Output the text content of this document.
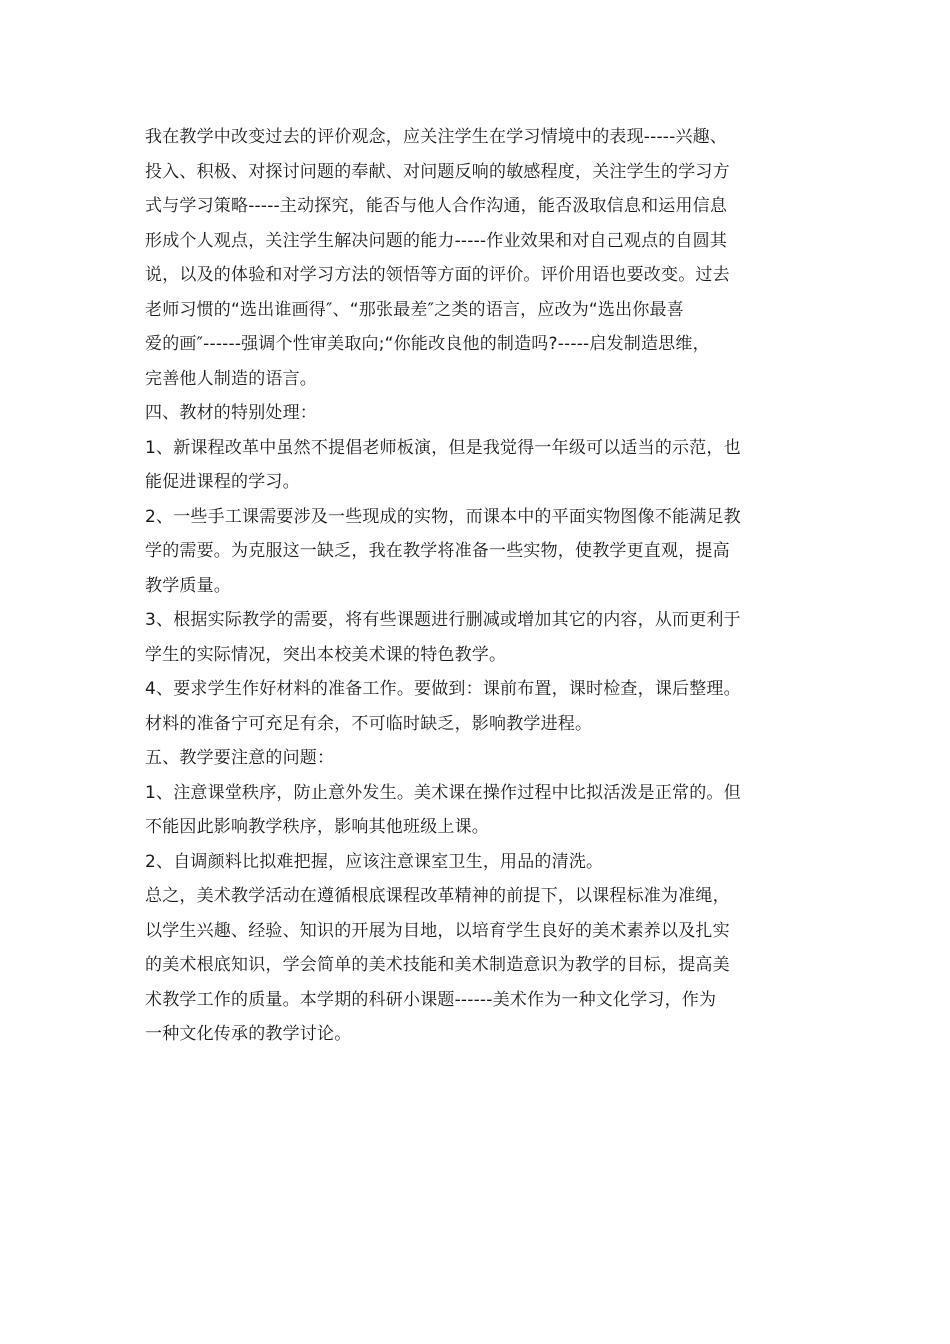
我在教学中改变过去的评价观念，应关注学生在学习情境中的表现-----兴趣、
投入、积极、对探讨问题的奉献、对问题反响的敏感程度，关注学生的学习方
式与学习策略-----主动探究，能否与他人合作沟通，能否汲取信息和运用信息
形成个人观点，关注学生解决问题的能力-----作业效果和对自己观点的自圆其
说，以及的体验和对学习方法的领悟等方面的评价。评价用语也要改变。过去
老师习惯的“选出谁画得″、“那张最差″之类的语言，应改为“选出你最喜
爱的画″------强调个性审美取向;“你能改良他的制造吗?-----启发制造思维，
完善他人制造的语言。
四、教材的特别处理：
1、新课程改革中虽然不提倡老师板演，但是我觉得一年级可以适当的示范，也
能促进课程的学习。
2、一些手工课需要涉及一些现成的实物，而课本中的平面实物图像不能满足教
学的需要。为克服这一缺乏，我在教学将准备一些实物，使教学更直观，提高
教学质量。
3、根据实际教学的需要，将有些课题进行删减或增加其它的内容，从而更利于
学生的实际情况，突出本校美术课的特色教学。
4、要求学生作好材料的准备工作。要做到：课前布置，课时检查，课后整理。
材料的准备宁可充足有余，不可临时缺乏，影响教学进程。
五、教学要注意的问题：
1、注意课堂秩序，防止意外发生。美术课在操作过程中比拟活泼是正常的。但
不能因此影响教学秩序，影响其他班级上课。
2、自调颜料比拟难把握，应该注意课室卫生，用品的清洗。
总之，美术教学活动在遵循根底课程改革精神的前提下，以课程标准为准绳，
以学生兴趣、经验、知识的开展为目地，以培育学生良好的美术素养以及扎实
的美术根底知识，学会简单的美术技能和美术制造意识为教学的目标，提高美
术教学工作的质量。本学期的科研小课题------美术作为一种文化学习，作为
一种文化传承的教学讨论。
